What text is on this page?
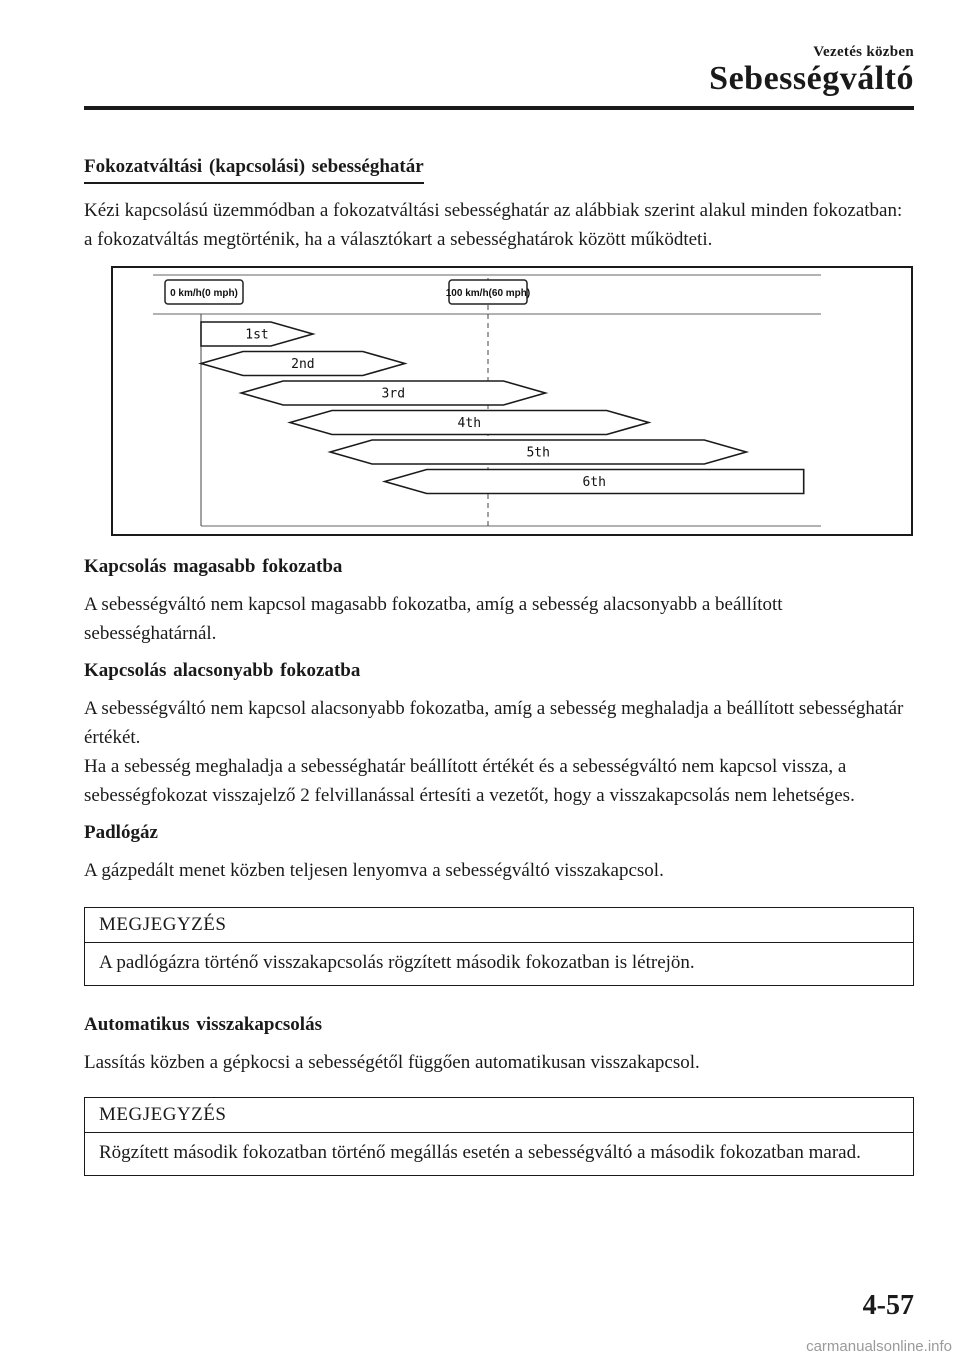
Vezetés közben
Sebességváltó
Fokozatváltási (kapcsolási) sebességhatár

Kézi kapcsolású üzemmódban a fokozatváltási sebességhatár az alábbiak szerint alakul minden fokozatban: a fokozatváltás megtörténik, ha a választókart a sebességhatárok között működteti.

0 km/h(0 mph)	100 km/h(60 mph)
1st
2nd
3rd
4th
5th
6th
Kapcsolás magasabb fokozatba

A sebességváltó nem kapcsol magasabb fokozatba, amíg a sebesség alacsonyabb a beállított sebességhatárnál.

Kapcsolás alacsonyabb fokozatba

A sebességváltó nem kapcsol alacsonyabb fokozatba, amíg a sebesség meghaladja a beállított sebességhatár értékét.

Ha a sebesség meghaladja a sebességhatár beállított értékét és a sebességváltó nem kapcsol vissza, a sebességfokozat visszajelző 2 felvillanással értesíti a vezetőt, hogy a visszakapcsolás nem lehetséges.

Padlógáz

A gázpedált menet közben teljesen lenyomva a sebességváltó visszakapcsol.

MEGJEGYZÉS
A padlógázra történő visszakapcsolás rögzített második fokozatban is létrejön.
Automatikus visszakapcsolás

Lassítás közben a gépkocsi a sebességétől függően automatikusan visszakapcsol.

MEGJEGYZÉS
Rögzített második fokozatban történő megállás esetén a sebességváltó a második fokozatban marad.
4-57
carmanualsonline.info
